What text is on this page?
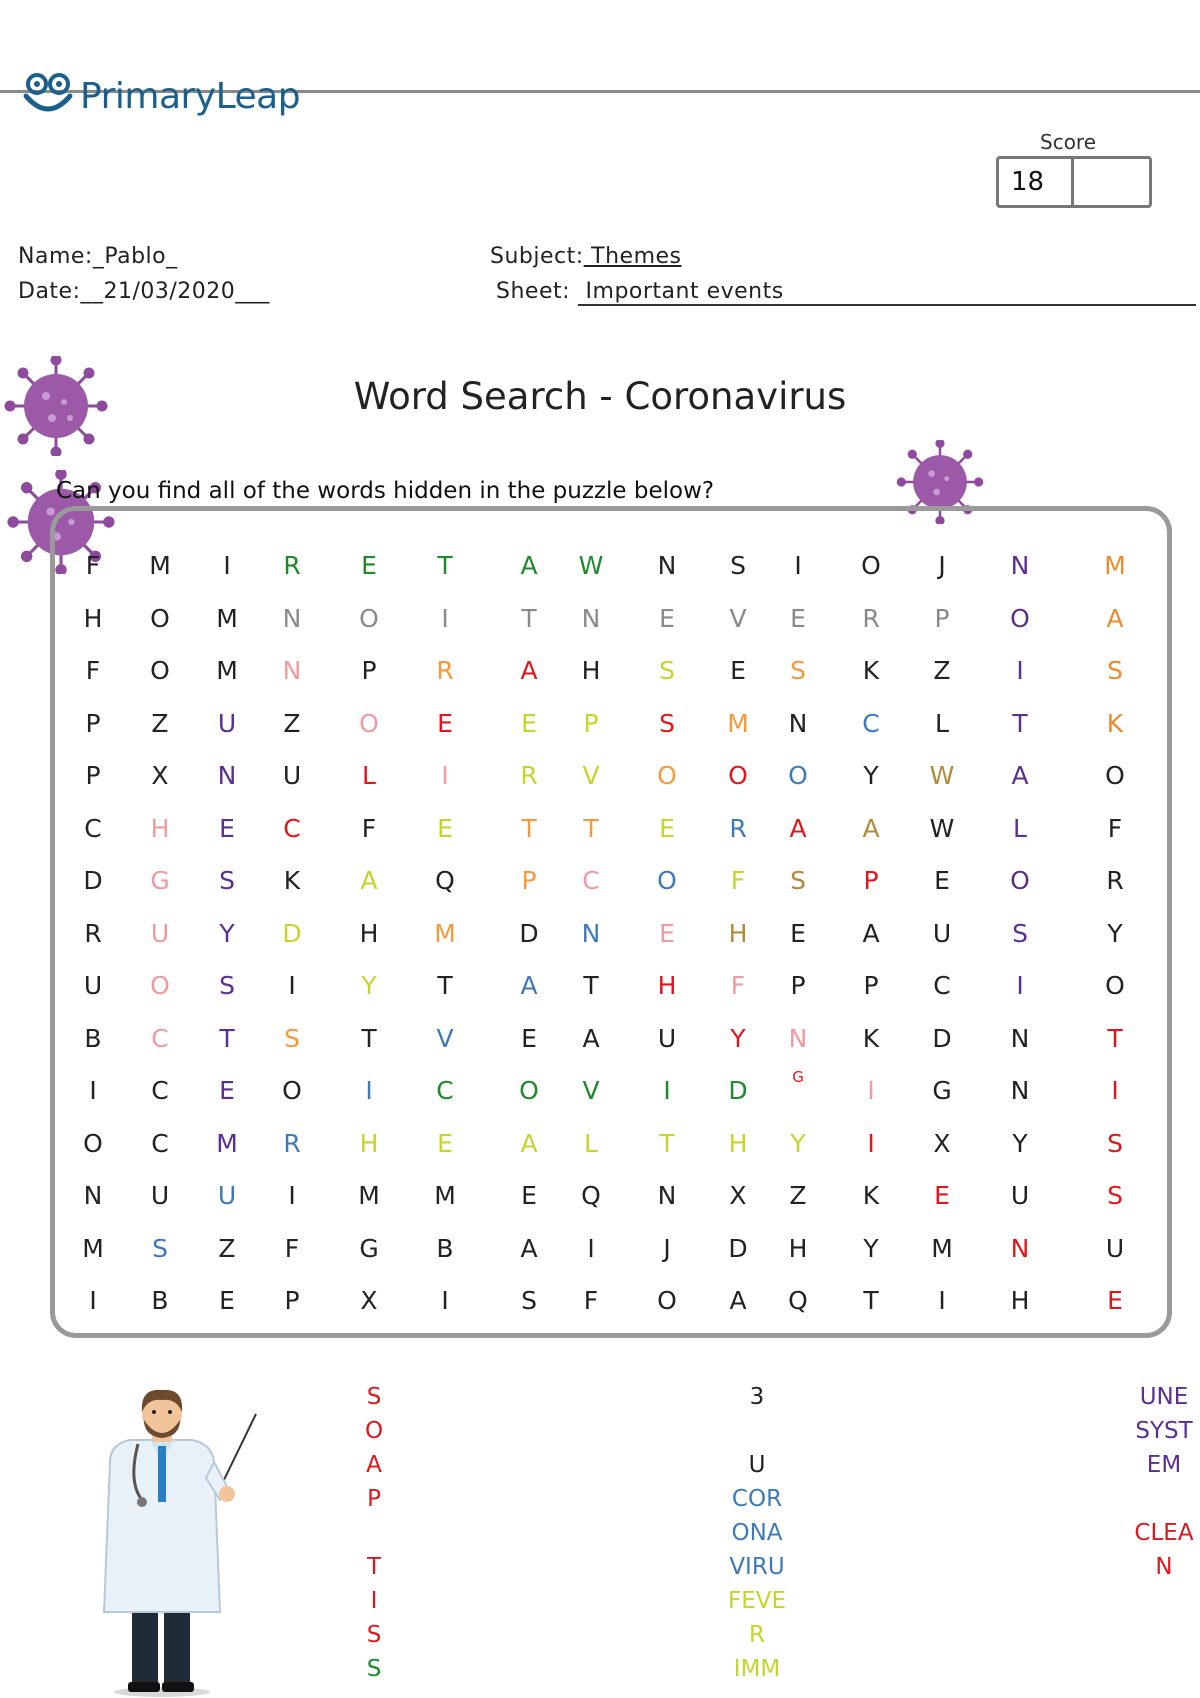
PrimaryLeap
Score
18
Name:_Pablo_
Date:__21/03/2020___
Subject: Themes
Sheet: Important events
Word Search - Coronavirus
Can you find all of the words hidden in the puzzle below?
F M I R E T	A W N S I O J	N	M
H O M N O I	T N E V E R P O	A
F O M N P R	A H S E S K Z	I	S
P Z U Z O E	E P S M N C L	T	K
P X N U L	I	R V O O O Y W A	O
C H E C F E	T T E R A A W L	F
D G S K A Q	P C O F S P E O	R
R U Y D H M	D N E H E A U S	Y
U O S I	Y T	A T H F P P C	I	O
B C T S T V	E A U Y N K D N	T
I C E O	I	C	O V	I D	G	I G N	I
O C M R H E	A L T H Y I X Y	S
N U U I	M M	E Q N X Z K E U	S
M S Z F G B	A I	J D H Y M N	U
I B E P X	I	S F O A Q T I	H	E
S
O
A
P
T
I
S
S
3
U
COR
ONA
VIRU
FEVE
R
IMM
UNE
SYST
EM
CLEA
N
